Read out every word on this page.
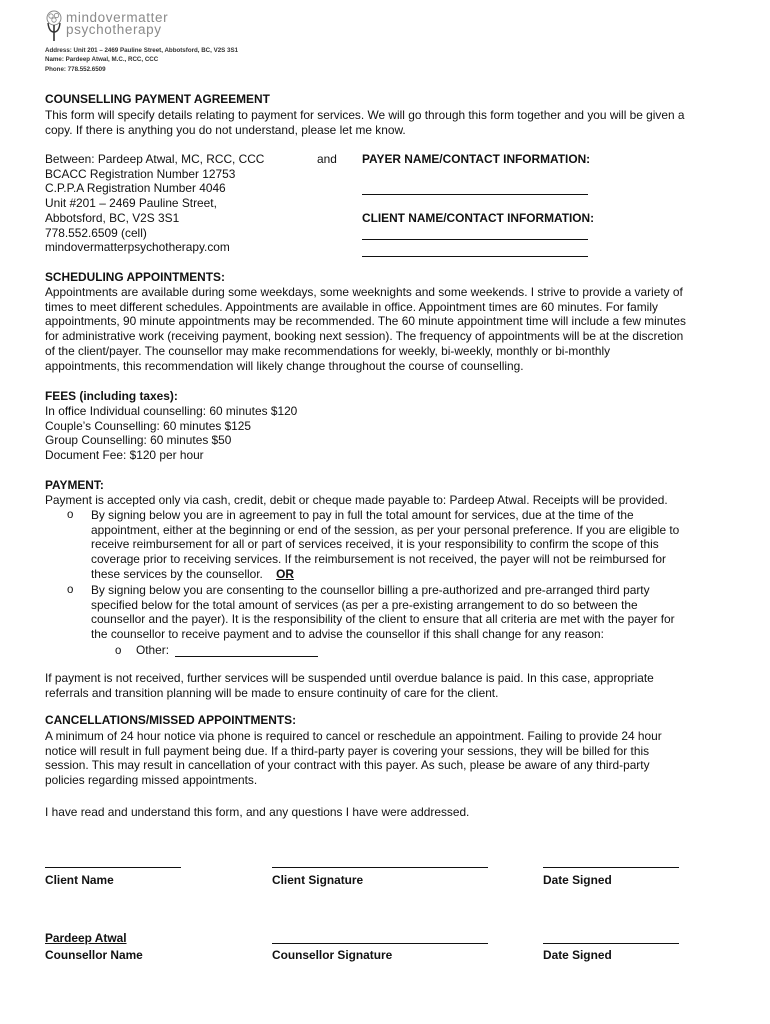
mindovermatter
psychotherapy
Address: Unit 201 – 2469 Pauline Street, Abbotsford, BC, V2S 3S1
Name: Pardeep Atwal, M.C., RCC, CCC
Phone: 778.552.6509
COUNSELLING PAYMENT AGREEMENT
This form will specify details relating to payment for services. We will go through this form together and you will be given a
copy. If there is anything you do not understand, please let me know.
Between: Pardeep Atwal, MC, RCC, CCC
BCACC Registration Number 12753
C.P.P.A Registration Number 4046
Unit #201 – 2469 Pauline Street,
Abbotsford, BC, V2S 3S1
778.552.6509 (cell)
mindovermatterpsychotherapy.com
and PAYER NAME/CONTACT INFORMATION:
CLIENT NAME/CONTACT INFORMATION:
SCHEDULING APPOINTMENTS:
Appointments are available during some weekdays, some weeknights and some weekends. I strive to provide a variety of
times to meet different schedules. Appointments are available in office. Appointment times are 60 minutes. For family
appointments, 90 minute appointments may be recommended. The 60 minute appointment time will include a few minutes
for administrative work (receiving payment, booking next session). The frequency of appointments will be at the discretion
of the client/payer. The counsellor may make recommendations for weekly, bi-weekly, monthly or bi-monthly
appointments, this recommendation will likely change throughout the course of counselling.
FEES (including taxes):
In office Individual counselling: 60 minutes $120
Couple’s Counselling: 60 minutes $125
Group Counselling: 60 minutes $50
Document Fee: $120 per hour
PAYMENT:
Payment is accepted only via cash, credit, debit or cheque made payable to: Pardeep Atwal. Receipts will be provided.
o By signing below you are in agreement to pay in full the total amount for services, due at the time of the
appointment, either at the beginning or end of the session, as per your personal preference. If you are eligible to
receive reimbursement for all or part of services received, it is your responsibility to confirm the scope of this
coverage prior to receiving services. If the reimbursement is not received, the payer will not be reimbursed for
these services by the counsellor. OR
o By signing below you are consenting to the counsellor billing a pre-authorized and pre-arranged third party
specified below for the total amount of services (as per a pre-existing arrangement to do so between the
counsellor and the payer). It is the responsibility of the client to ensure that all criteria are met with the payer for
the counsellor to receive payment and to advise the counsellor if this shall change for any reason:
o Other:
If payment is not received, further services will be suspended until overdue balance is paid. In this case, appropriate
referrals and transition planning will be made to ensure continuity of care for the client.
CANCELLATIONS/MISSED APPOINTMENTS:
A minimum of 24 hour notice via phone is required to cancel or reschedule an appointment. Failing to provide 24 hour
notice will result in full payment being due. If a third-party payer is covering your sessions, they will be billed for this
session. This may result in cancellation of your contract with this payer. As such, please be aware of any third-party
policies regarding missed appointments.
I have read and understand this form, and any questions I have were addressed.
Client Name	Client Signature	Date Signed
Pardeep Atwal
Counsellor Name	Counsellor Signature	Date Signed
